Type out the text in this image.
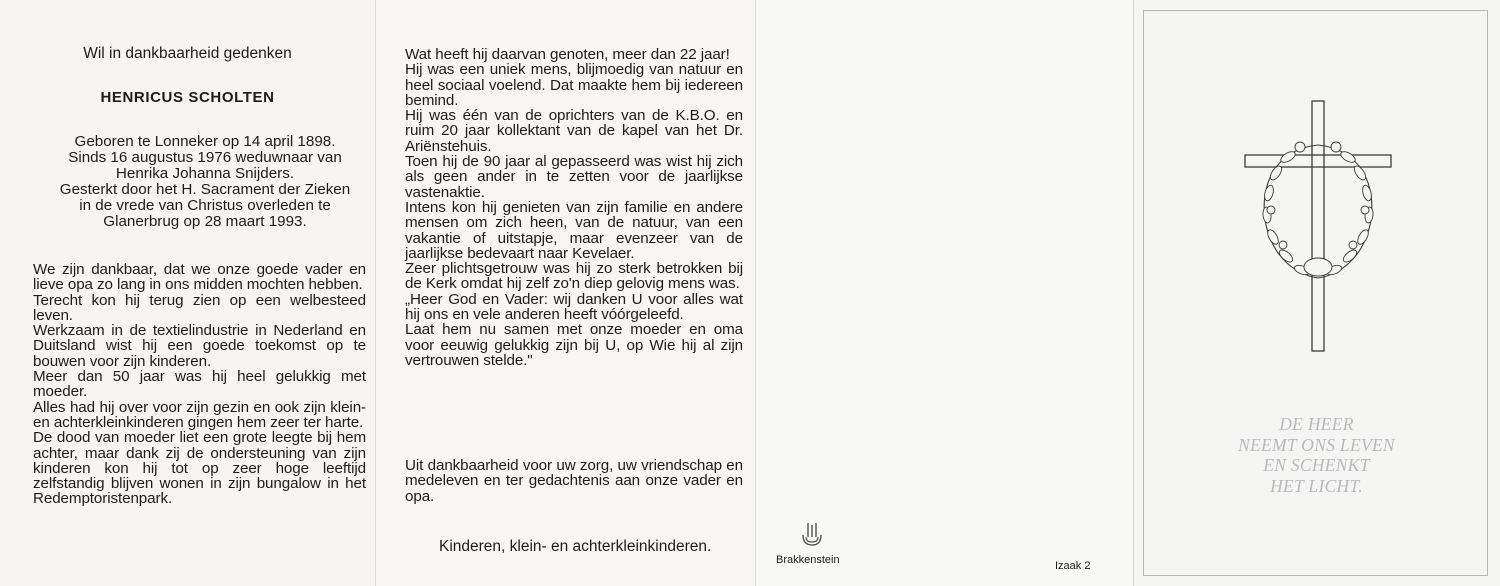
Wil in dankbaarheid gedenken
HENRICUS SCHOLTEN
Geboren te Lonneker op 14 april 1898.
Sinds 16 augustus 1976 weduwnaar van
Henrika Johanna Snijders.
Gesterkt door het H. Sacrament der Zieken
in de vrede van Christus overleden te
Glanerbrug op 28 maart 1993.

We zijn dankbaar, dat we onze goede vader en lieve opa zo lang in ons midden mochten hebben.

Terecht kon hij terug zien op een welbesteed leven.

Werkzaam in de textielindustrie in Nederland en Duitsland wist hij een goede toekomst op te bouwen voor zijn kinderen.

Meer dan 50 jaar was hij heel gelukkig met moeder.

Alles had hij over voor zijn gezin en ook zijn klein- en achterkleinkinderen gingen hem zeer ter harte.

De dood van moeder liet een grote leegte bij hem achter, maar dank zij de ondersteuning van zijn kinderen kon hij tot op zeer hoge leeftijd zelfstandig blijven wonen in zijn bungalow in het Redemptoristenpark.

Wat heeft hij daarvan genoten, meer dan 22 jaar!

Hij was een uniek mens, blijmoedig van natuur en heel sociaal voelend. Dat maakte hem bij iedereen bemind.

Hij was één van de oprichters van de K.B.O. en ruim 20 jaar kollektant van de kapel van het Dr. Ariënstehuis.

Toen hij de 90 jaar al gepasseerd was wist hij zich als geen ander in te zetten voor de jaarlijkse vastenaktie.

Intens kon hij genieten van zijn familie en andere mensen om zich heen, van de natuur, van een vakantie of uitstapje, maar evenzeer van de jaarlijkse bedevaart naar Kevelaer.

Zeer plichtsgetrouw was hij zo sterk betrokken bij de Kerk omdat hij zelf zo'n diep gelovig mens was.

„Heer God en Vader: wij danken U voor alles wat hij ons en vele anderen heeft vóórgeleefd.

Laat hem nu samen met onze moeder en oma voor eeuwig gelukkig zijn bij U, op Wie hij al zijn vertrouwen stelde."

Uit dankbaarheid voor uw zorg, uw vriendschap en medeleven en ter gedachtenis aan onze vader en opa.

Kinderen, klein- en achterkleinkinderen.
Brakkenstein	Izaak 2
DE HEER
NEEMT ONS LEVEN
EN SCHENKT
HET LICHT.
